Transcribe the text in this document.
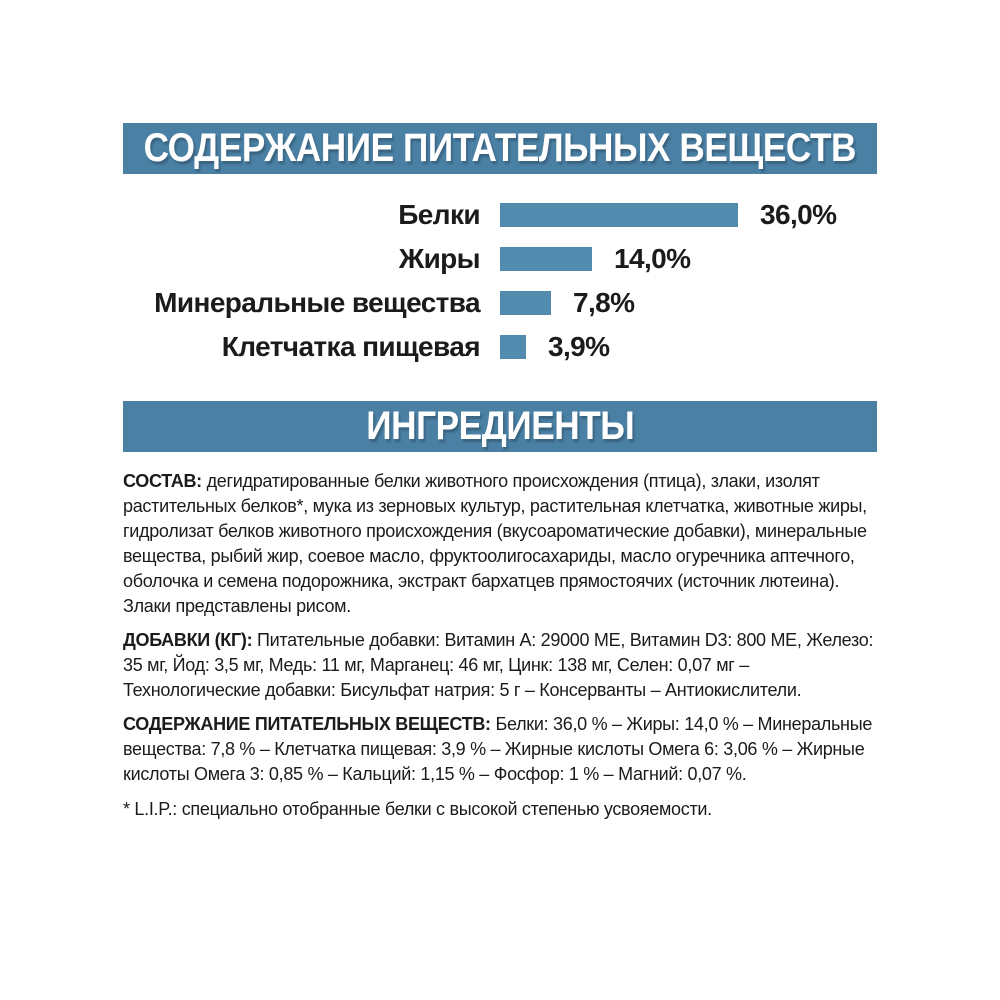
СОДЕРЖАНИЕ ПИТАТЕЛЬНЫХ ВЕЩЕСТВ
Белки	36,0%
Жиры	14,0%
Минеральные вещества	7,8%
Клетчатка пищевая 3,9%
ИНГРЕДИЕНТЫ

СОСТАВ: дегидратированные белки животного происхождения (птица), злаки, изолят растительных белков*, мука из зерновых культур, растительная клетчатка, животные жиры, гидролизат белков животного происхождения (вкусоароматические добавки), минеральные вещества, рыбий жир, соевое масло, фруктоолигосахариды, масло огуречника аптечного, оболочка и семена подорожника, экстракт бархатцев прямостоячих (источник лютеина). Злаки представлены рисом.

ДОБАВКИ (КГ): Питательные добавки: Витамин A: 29000 МЕ, Витамин D3: 800 МЕ, Железо: 35 мг, Йод: 3,5 мг, Медь: 11 мг, Марганец: 46 мг, Цинк: 138 мг, Селен: 0,07 мг – Технологические добавки: Бисульфат натрия: 5 г – Консерванты – Антиокислители.

СОДЕРЖАНИЕ ПИТАТЕЛЬНЫХ ВЕЩЕСТВ: Белки: 36,0 % – Жиры: 14,0 % – Минеральные вещества: 7,8 % – Клетчатка пищевая: 3,9 % – Жирные кислоты Омега 6: 3,06 % – Жирные кислоты Омега 3: 0,85 % – Кальций: 1,15 % – Фосфор: 1 % – Магний: 0,07 %.

* L.I.P.: специально отобранные белки с высокой степенью усвояемости.
